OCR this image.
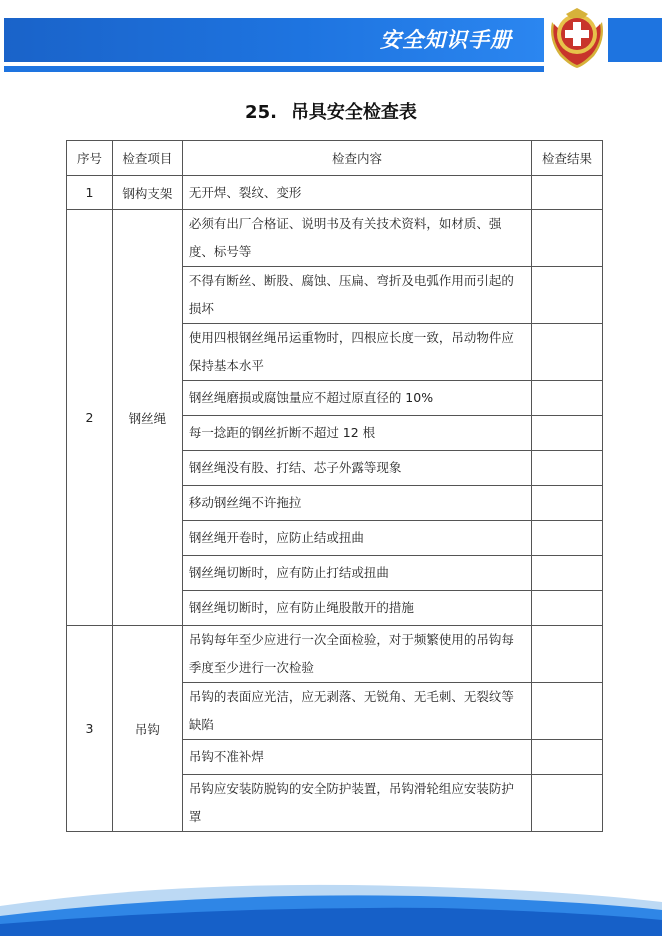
安全知识手册
25. 吊具安全检查表
序号	检查项目	检查内容	检查结果
1	钢构支架	无开焊、裂纹、变形	
2	钢丝绳	必须有出厂合格证、说明书及有关技术资料，如材质、强度、标号等	
		不得有断丝、断股、腐蚀、压扁、弯折及电弧作用而引起的损坏	
		使用四根钢丝绳吊运重物时，四根应长度一致，吊动物件应保持基本水平	
		钢丝绳磨损或腐蚀量应不超过原直径的 10%	
		每一捻距的钢丝折断不超过 12 根	
		钢丝绳没有股、打结、芯子外露等现象	
		移动钢丝绳不许拖拉	
		钢丝绳开卷时，应防止结或扭曲	
		钢丝绳切断时，应有防止打结或扭曲	
		钢丝绳切断时，应有防止绳股散开的措施	
3	吊钩	吊钩每年至少应进行一次全面检验，对于频繁使用的吊钩每季度至少进行一次检验	
		吊钩的表面应光洁，应无剥落、无锐角、无毛刺、无裂纹等缺陷	
		吊钩不准补焊	
		吊钩应安装防脱钩的安全防护装置，吊钩滑轮组应安装防护罩	
